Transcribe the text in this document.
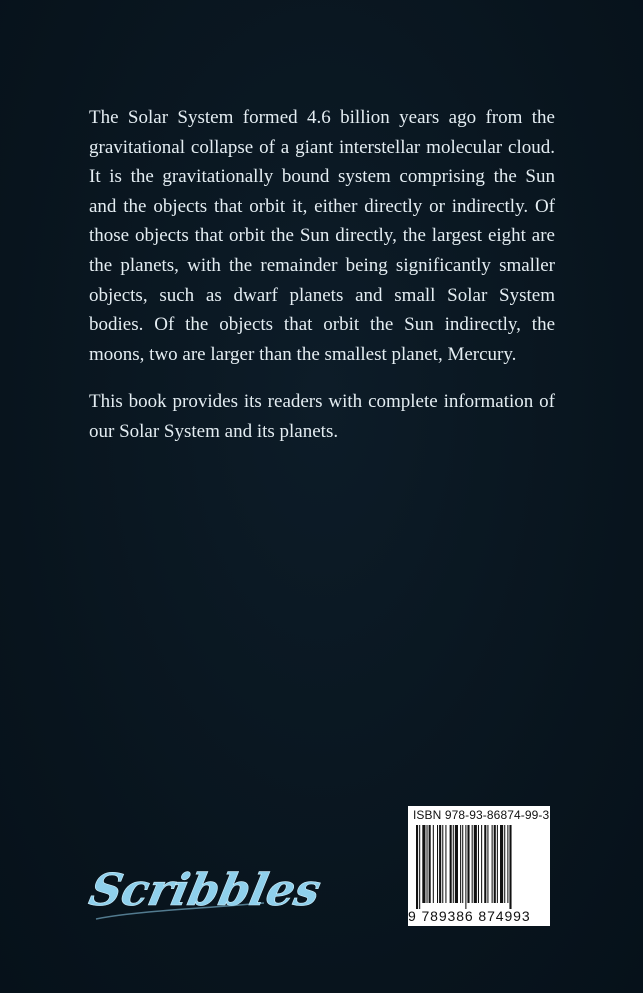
The Solar System formed 4.6 billion years ago from the gravitational collapse of a giant interstellar molecular cloud. It is the gravitationally bound system comprising the Sun and the objects that orbit it, either directly or indirectly. Of those objects that orbit the Sun directly, the largest eight are the planets, with the remainder being significantly smaller objects, such as dwarf planets and small Solar System bodies. Of the objects that orbit the Sun indirectly, the moons, two are larger than the smallest planet, Mercury.

This book provides its readers with complete information of our Solar System and its planets.

Scribbles
ISBN 978-93-86874-99-3
9 789386 874993
